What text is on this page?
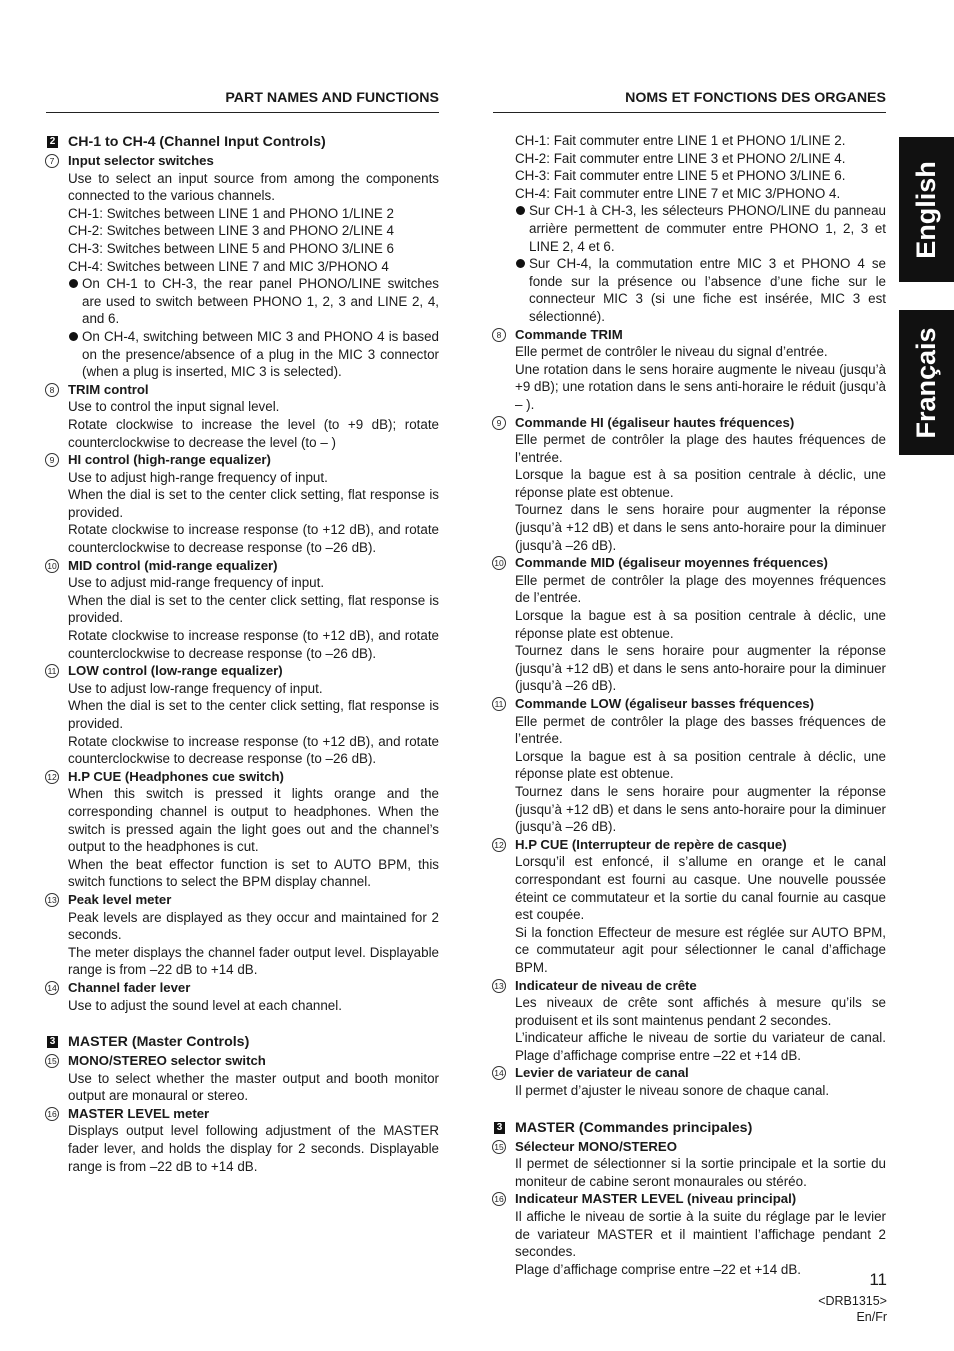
PART NAMES AND FUNCTIONS
2 CH-1 to CH-4 (Channel Input Controls)
7	Input selector switches
Use to select an input source from among the components connected to the various channels.
CH-1: Switches between LINE 1 and PHONO 1/LINE 2
CH-2: Switches between LINE 3 and PHONO 2/LINE 4
CH-3: Switches between LINE 5 and PHONO 3/LINE 6
CH-4: Switches between LINE 7 and MIC 3/PHONO 4
On CH-1 to CH-3, the rear panel PHONO/LINE switches are used to switch between PHONO 1, 2, 3 and LINE 2, 4, and 6.
On CH-4, switching between MIC 3 and PHONO 4 is based on the presence/absence of a plug in the MIC 3 connector (when a plug is inserted, MIC 3 is selected).
8	TRIM control
Use to control the input signal level.
Rotate clockwise to increase the level (to +9 dB); rotate counterclockwise to decrease the level (to – )
9	HI control (high-range equalizer)
Use to adjust high-range frequency of input.
When the dial is set to the center click setting, flat response is provided.
Rotate clockwise to increase response (to +12 dB), and rotate counterclockwise to decrease response (to –26 dB).
10 MID control (mid-range equalizer)
Use to adjust mid-range frequency of input.
When the dial is set to the center click setting, flat response is provided.
Rotate clockwise to increase response (to +12 dB), and rotate counterclockwise to decrease response (to –26 dB).
11 LOW control (low-range equalizer)
Use to adjust low-range frequency of input.
When the dial is set to the center click setting, flat response is provided.
Rotate clockwise to increase response (to +12 dB), and rotate counterclockwise to decrease response (to –26 dB).
12 H.P CUE (Headphones cue switch)
When this switch is pressed it lights orange and the corresponding channel is output to headphones. When the switch is pressed again the light goes out and the channel’s output to the headphones is cut.
When the beat effector function is set to AUTO BPM, this switch functions to select the BPM display channel.
13 Peak level meter
Peak levels are displayed as they occur and maintained for 2 seconds.
The meter displays the channel fader output level. Displayable range is from –22 dB to +14 dB.
14 Channel fader lever
Use to adjust the sound level at each channel.
3 MASTER (Master Controls)
15 MONO/STEREO selector switch
Use to select whether the master output and booth monitor output are monaural or stereo.
16 MASTER LEVEL meter
Displays output level following adjustment of the MASTER fader lever, and holds the display for 2 seconds. Displayable range is from –22 dB to +14 dB.
NOMS ET FONCTIONS DES ORGANES
CH-1: Fait commuter entre LINE 1 et PHONO 1/LINE 2.
CH-2: Fait commuter entre LINE 3 et PHONO 2/LINE 4.
CH-3: Fait commuter entre LINE 5 et PHONO 3/LINE 6.
CH-4: Fait commuter entre LINE 7 et MIC 3/PHONO 4.
Sur CH-1 à CH-3, les sélecteurs PHONO/LINE du panneau arrière permettent de commuter entre PHONO 1, 2, 3 et LINE 2, 4 et 6.
Sur CH-4, la commutation entre MIC 3 et PHONO 4 se fonde sur la présence ou l’absence d’une fiche sur le connecteur MIC 3 (si une fiche est insérée, MIC 3 est sélectionné).
8	Commande TRIM
Elle permet de contrôler le niveau du signal d’entrée.
Une rotation dans le sens horaire augmente le niveau (jusqu’à +9 dB); une rotation dans le sens anti-horaire le réduit (jusqu’à – ).
9	Commande HI (égaliseur hautes fréquences)
Elle permet de contrôler la plage des hautes fréquences de l’entrée.
Lorsque la bague est à sa position centrale à déclic, une réponse plate est obtenue.
Tournez dans le sens horaire pour augmenter la réponse (jusqu’à +12 dB) et dans le sens anto-horaire pour la diminuer (jusqu’à –26 dB).
10 Commande MID (égaliseur moyennes fréquences)
Elle permet de contrôler la plage des moyennes fréquences de l’entrée.
Lorsque la bague est à sa position centrale à déclic, une réponse plate est obtenue.
Tournez dans le sens horaire pour augmenter la réponse (jusqu’à +12 dB) et dans le sens anto-horaire pour la diminuer (jusqu’à –26 dB).
11 Commande LOW (égaliseur basses fréquences)
Elle permet de contrôler la plage des basses fréquences de l’entrée.
Lorsque la bague est à sa position centrale à déclic, une réponse plate est obtenue.
Tournez dans le sens horaire pour augmenter la réponse (jusqu’à +12 dB) et dans le sens anto-horaire pour la diminuer (jusqu’à –26 dB).
12 H.P CUE (Interrupteur de repère de casque)
Lorsqu’il est enfoncé, il s’allume en orange et le canal correspondant est fourni au casque. Une nouvelle poussée éteint ce commutateur et la sortie du canal fournie au casque est coupée.
Si la fonction Effecteur de mesure est réglée sur AUTO BPM, ce commutateur agit pour sélectionner le canal d’affichage BPM.
13 Indicateur de niveau de crête
Les niveaux de crête sont affichés à mesure qu’ils se produisent et ils sont maintenus pendant 2 secondes.
L’indicateur affiche le niveau de sortie du variateur de canal. Plage d’affichage comprise entre –22 et +14 dB.
14 Levier de variateur de canal
Il permet d’ajuster le niveau sonore de chaque canal.
3 MASTER (Commandes principales)
15 Sélecteur MONO/STEREO
Il permet de sélectionner si la sortie principale et la sortie du moniteur de cabine seront monaurales ou stéréo.
16 Indicateur MASTER LEVEL (niveau principal)
Il affiche le niveau de sortie à la suite du réglage par le levier de variateur MASTER et il maintient l’affichage pendant 2 secondes.
Plage d’affichage comprise entre –22 et +14 dB.
English
Français
11
<DRB1315>
En/Fr
